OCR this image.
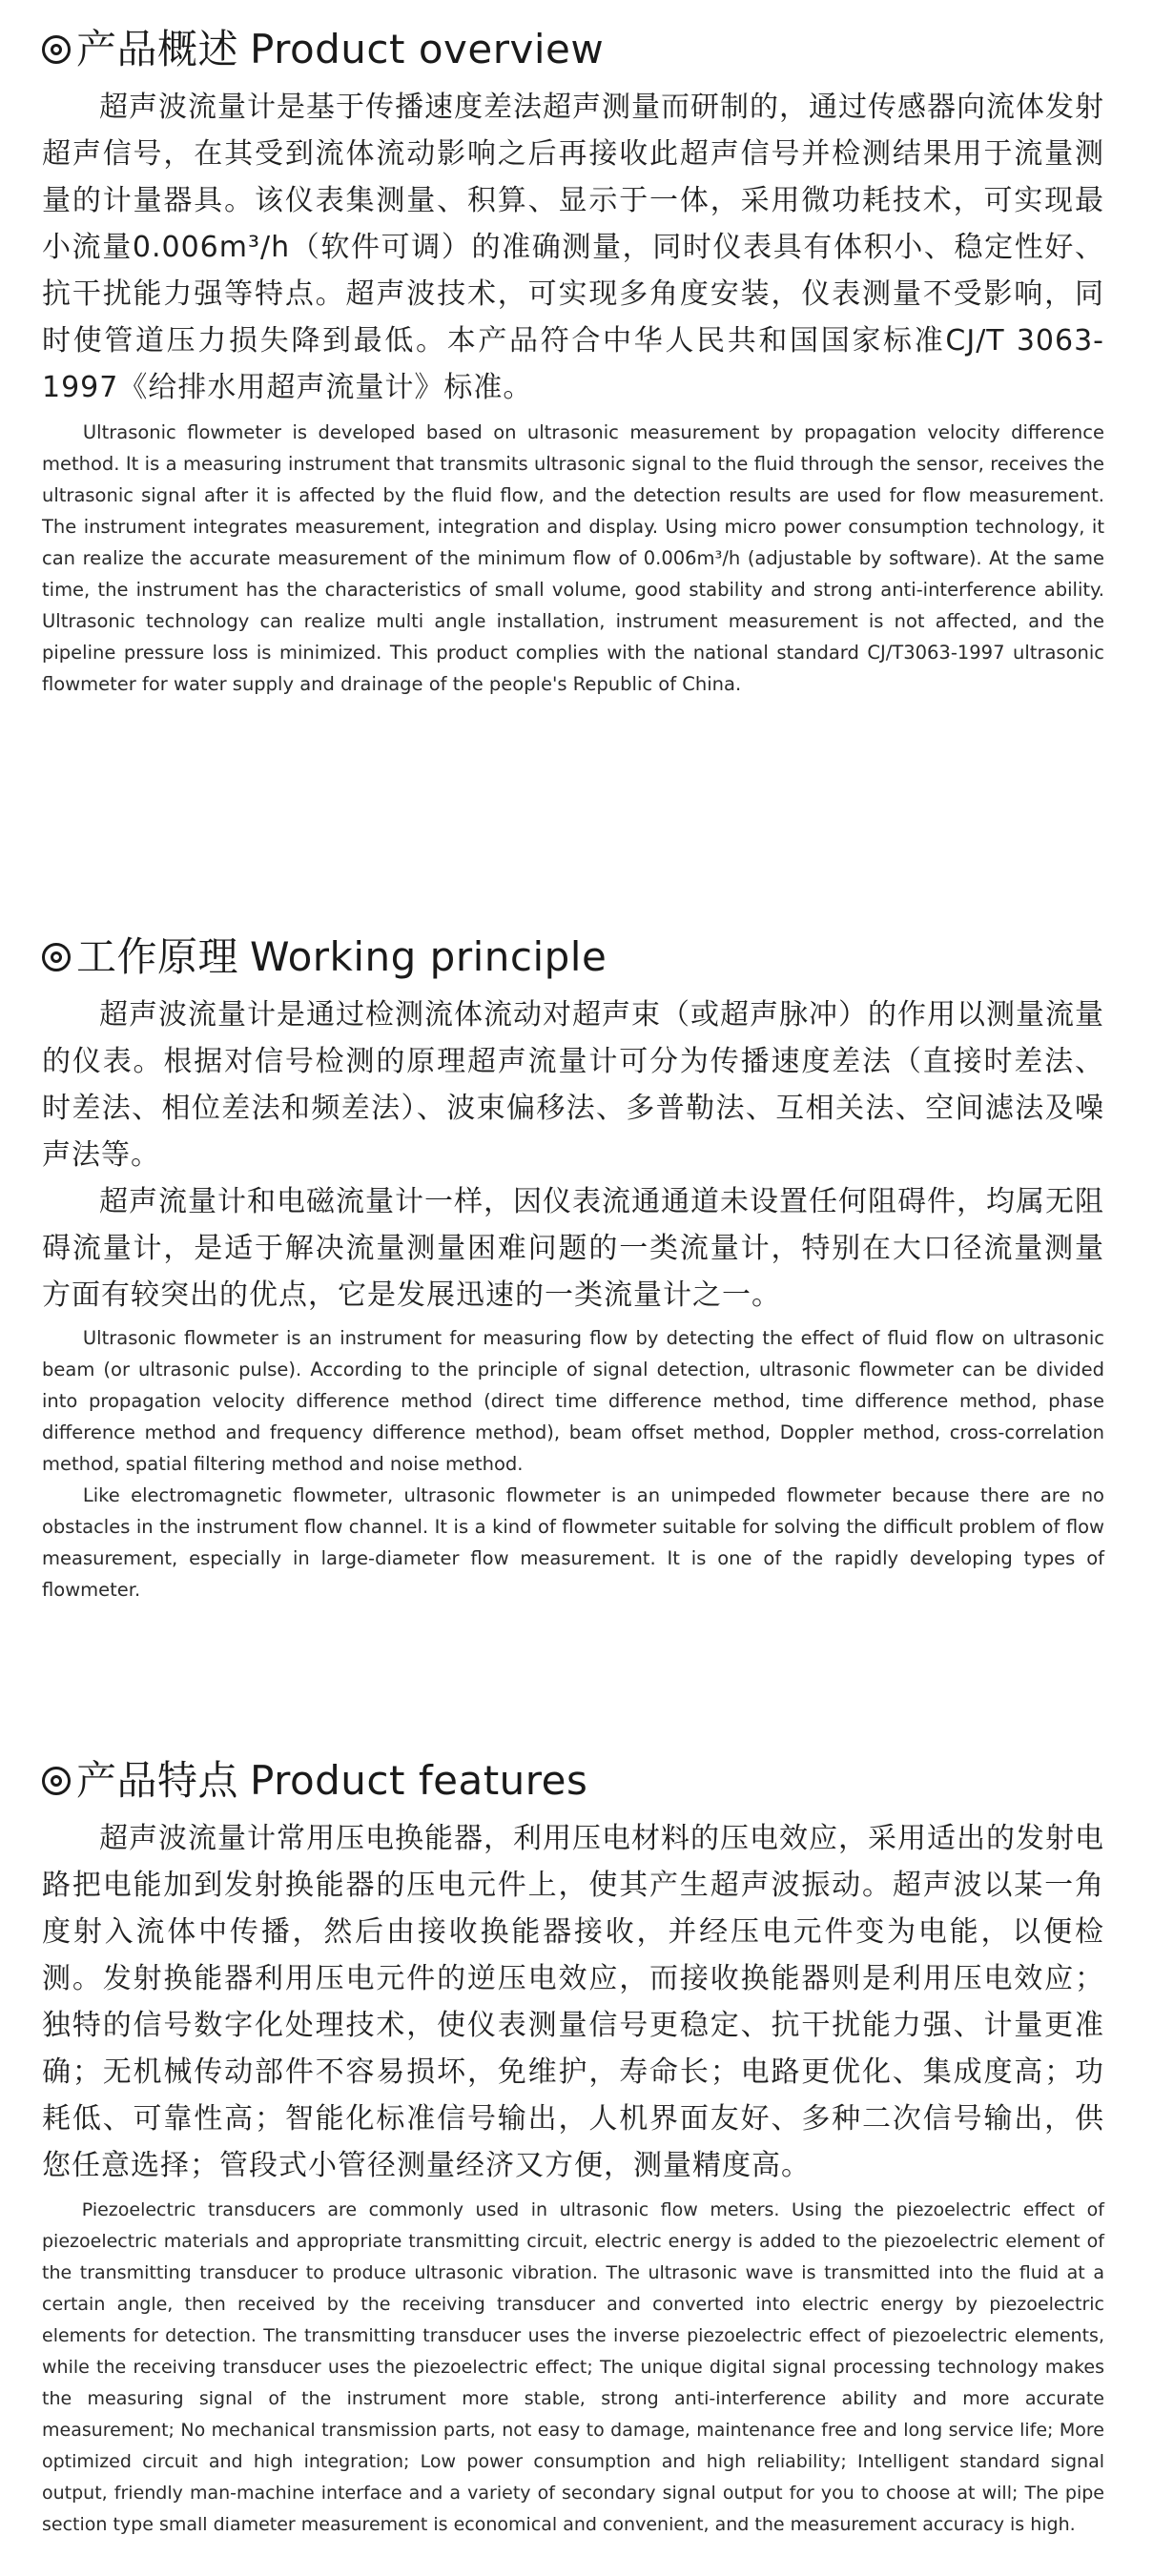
产品概述 Product overview

超声波流量计是基于传播速度差法超声测量而研制的，通过传感器向流体发射超声信号，在其受到流体流动影响之后再接收此超声信号并检测结果用于流量测量的计量器具。该仪表集测量、积算、显示于一体，采用微功耗技术，可实现最小流量0.006m³/h（软件可调）的准确测量，同时仪表具有体积小、稳定性好、抗干扰能力强等特点。超声波技术，可实现多角度安装，仪表测量不受影响，同时使管道压力损失降到最低。本产品符合中华人民共和国国家标准CJ/T 3063-1997《给排水用超声流量计》标准。

Ultrasonic flowmeter is developed based on ultrasonic measurement by propagation velocity difference method. It is a measuring instrument that transmits ultrasonic signal to the fluid through the sensor, receives the ultrasonic signal after it is affected by the fluid flow, and the detection results are used for flow measurement. The instrument integrates measurement, integration and display. Using micro power consumption technology, it can realize the accurate measurement of the minimum flow of 0.006m³/h (adjustable by software). At the same time, the instrument has the characteristics of small volume, good stability and strong anti-interference ability. Ultrasonic technology can realize multi angle installation, instrument measurement is not affected, and the pipeline pressure loss is minimized. This product complies with the national standard CJ/T3063-1997 ultrasonic flowmeter for water supply and drainage of the people's Republic of China.

工作原理 Working principle

超声波流量计是通过检测流体流动对超声束（或超声脉冲）的作用以测量流量的仪表。根据对信号检测的原理超声流量计可分为传播速度差法（直接时差法、时差法、相位差法和频差法）、波束偏移法、多普勒法、互相关法、空间滤法及噪声法等。

超声流量计和电磁流量计一样，因仪表流通通道未设置任何阻碍件，均属无阻碍流量计，是适于解决流量测量困难问题的一类流量计，特别在大口径流量测量方面有较突出的优点，它是发展迅速的一类流量计之一。

Ultrasonic flowmeter is an instrument for measuring flow by detecting the effect of fluid flow on ultrasonic beam (or ultrasonic pulse). According to the principle of signal detection, ultrasonic flowmeter can be divided into propagation velocity difference method (direct time difference method, time difference method, phase difference method and frequency difference method), beam offset method, Doppler method, cross-correlation method, spatial filtering method and noise method.

Like electromagnetic flowmeter, ultrasonic flowmeter is an unimpeded flowmeter because there are no obstacles in the instrument flow channel. It is a kind of flowmeter suitable for solving the difficult problem of flow measurement, especially in large-diameter flow measurement. It is one of the rapidly developing types of flowmeter.

产品特点 Product features

超声波流量计常用压电换能器，利用压电材料的压电效应，采用适出的发射电路把电能加到发射换能器的压电元件上，使其产生超声波振动。超声波以某一角度射入流体中传播，然后由接收换能器接收，并经压电元件变为电能，以便检测。发射换能器利用压电元件的逆压电效应，而接收换能器则是利用压电效应；独特的信号数字化处理技术，使仪表测量信号更稳定、抗干扰能力强、计量更准确；无机械传动部件不容易损坏，免维护，寿命长；电路更优化、集成度高；功耗低、可靠性高；智能化标准信号输出，人机界面友好、多种二次信号输出，供您任意选择；管段式小管径测量经济又方便，测量精度高。

Piezoelectric transducers are commonly used in ultrasonic flow meters. Using the piezoelectric effect of piezoelectric materials and appropriate transmitting circuit, electric energy is added to the piezoelectric element of the transmitting transducer to produce ultrasonic vibration. The ultrasonic wave is transmitted into the fluid at a certain angle, then received by the receiving transducer and converted into electric energy by piezoelectric elements for detection. The transmitting transducer uses the inverse piezoelectric effect of piezoelectric elements, while the receiving transducer uses the piezoelectric effect; The unique digital signal processing technology makes the measuring signal of the instrument more stable, strong anti-interference ability and more accurate measurement; No mechanical transmission parts, not easy to damage, maintenance free and long service life; More optimized circuit and high integration; Low power consumption and high reliability; Intelligent standard signal output, friendly man-machine interface and a variety of secondary signal output for you to choose at will; The pipe section type small diameter measurement is economical and convenient, and the measurement accuracy is high.
